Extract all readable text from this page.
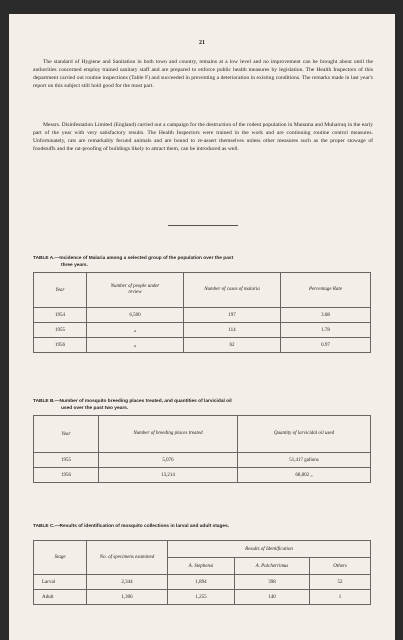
21

The standard of Hygiene and Sanitation in both town and country, remains at a low level and no improvement can be brought about until the authorities concerned employ trained sanitary staff and are prepared to enforce public health measures by legislation. The Health Inspectors of this department carried out routine inspections (Table F) and succeeded in preventing a deterioration in existing conditions. The remarks made in last year's report on this subject still hold good for the most part.

Messrs. Disinfestation Limited (England) carried out a campaign for the destruction of the rodent population in Manama and Muharraq in the early part of the year with very satisfactory results. The Health Inspectors were trained in the work and are continuing routine control measures. Unfortunately, rats are remarkably fecund animals and are bound to re-assert themselves unless other measures such as the proper stowage of foodstuffs and the rat-proofing of buildings likely to attract them, can be introduced as well.

TABLE A.—Incidence of Malaria among a selected group of the population over the past
three years.
Year	Number of people under review	Number of cases of malaria	Percentage Rate
1954	6,500	197	3.08
1955	„	114	1.78
1956	„	62	0.97
TABLE B.—Number of mosquito breeding places treated, and quantities of larvicidal oil
used over the past two years.
Year	Number of breeding places treated	Quantity of larvicidal oil used
1955	5,076	51,417 gallons
1956	13,214	68,802 „
TABLE C.—Results of identification of mosquito collections in larval and adult stages.
Stage	No. of specimens examined	Results of Identification		
		A. Stephensi	A. Pulcherrimus	Others
Larval	2,344	1,894	398	52
Adult	1,306	1,255	140	1
